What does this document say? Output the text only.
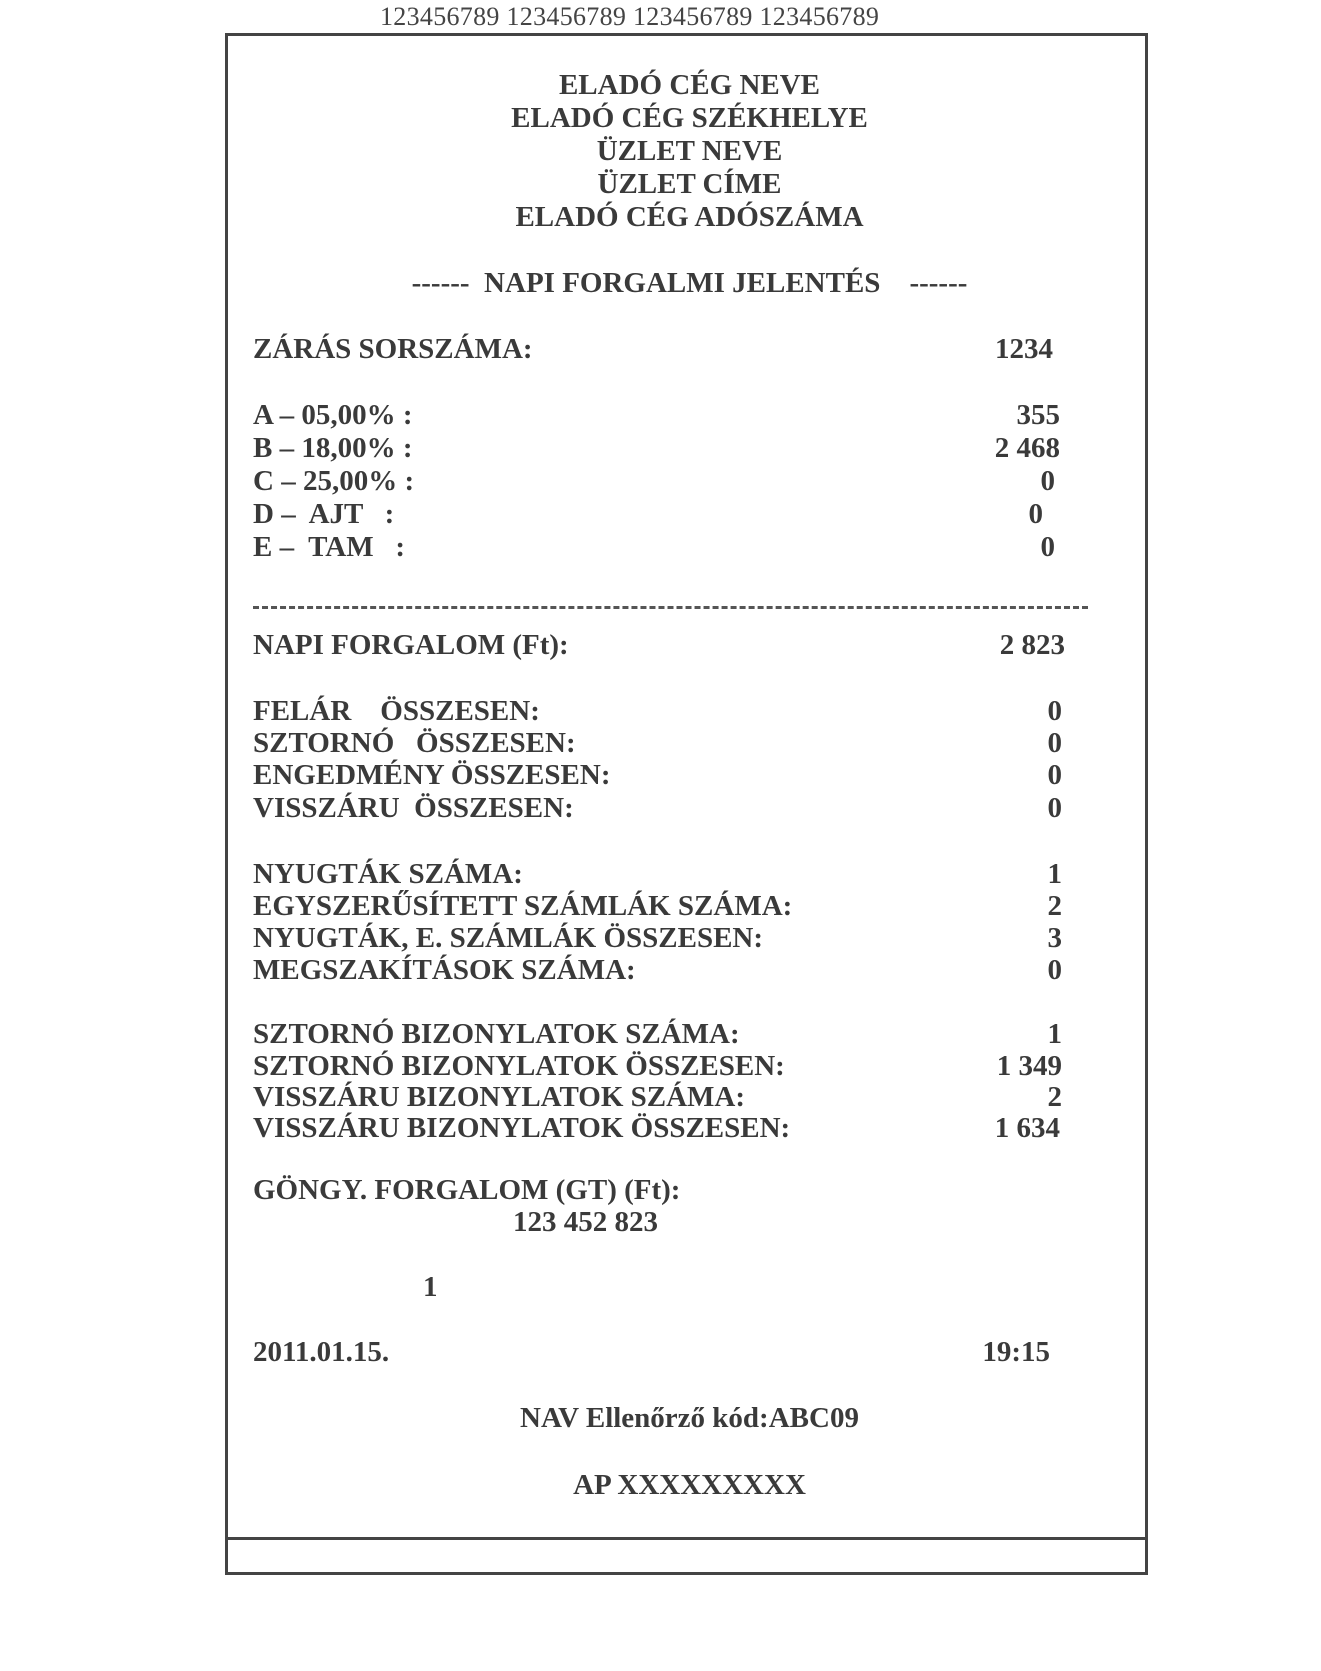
123456789 123456789 123456789 123456789
ELADÓ CÉG NEVE
ELADÓ CÉG SZÉKHELYE
ÜZLET NEVE
ÜZLET CÍME
ELADÓ CÉG ADÓSZÁMA
------  NAPI FORGALMI JELENTÉS    ------
ZÁRÁS SORSZÁMA:	1234
A – 05,00% :	355
B – 18,00% :	2 468
C – 25,00% :	0
D –  AJT   :	0
E –  TAM   :	0
NAPI FORGALOM (Ft):	2 823
FELÁR    ÖSSZESEN:	0
SZTORNÓ   ÖSSZESEN:	0
ENGEDMÉNY ÖSSZESEN:	0
VISSZÁRU  ÖSSZESEN:	0
NYUGTÁK SZÁMA:	1
EGYSZERŰSÍTETT SZÁMLÁK SZÁMA:	2
NYUGTÁK, E. SZÁMLÁK ÖSSZESEN:	3
MEGSZAKÍTÁSOK SZÁMA:	0
SZTORNÓ BIZONYLATOK SZÁMA:	1
SZTORNÓ BIZONYLATOK ÖSSZESEN:	1 349
VISSZÁRU BIZONYLATOK SZÁMA:	2
VISSZÁRU BIZONYLATOK ÖSSZESEN:	1 634
GÖNGY. FORGALOM (GT) (Ft):
123 452 823
1
2011.01.15.	19:15
NAV Ellenőrző kód:ABC09
AP XXXXXXXXX
